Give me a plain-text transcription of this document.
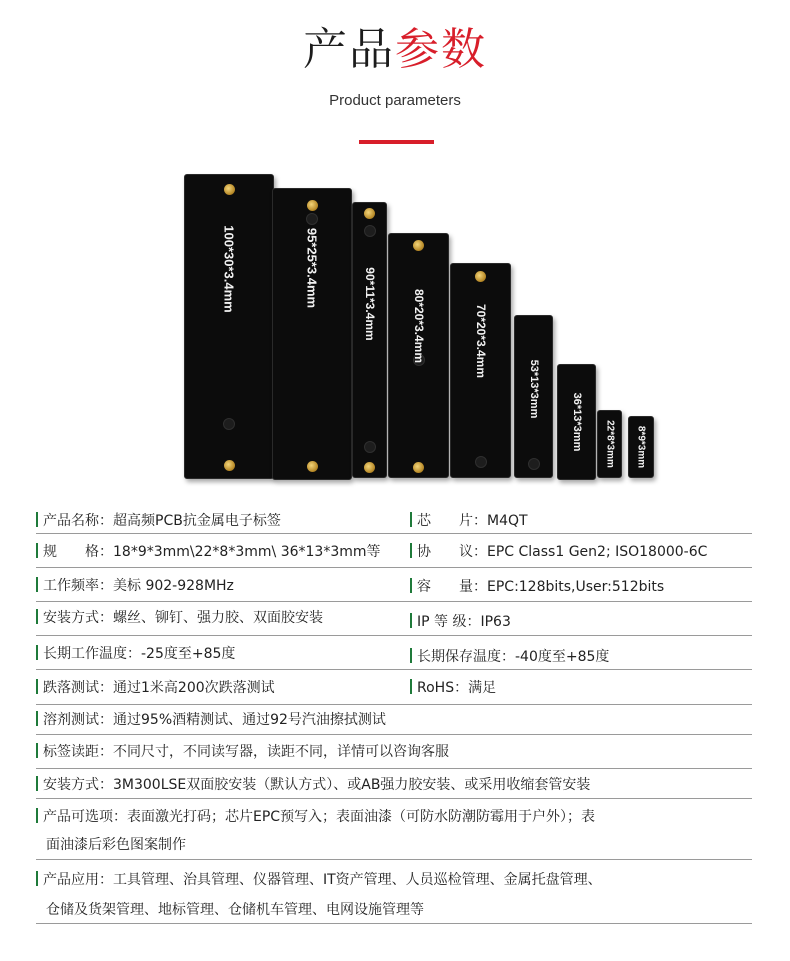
产品参数
Product parameters
100*30*3.4mm	95*25*3.4mm	90*11*3.4mm	80*20*3.4mm	70*20*3.4mm
53*13*3mm
36*13*3mm 22*8*3mm 8*9*3mm
产品名称：超高频PCB抗金属电子标签	芯　　片：M4QT
规　　格：18*9*3mm\22*8*3mm\ 36*13*3mm等	协　　议：EPC Class1 Gen2; ISO18000-6C
工作频率：美标 902-928MHz	容　　量：EPC:128bits,User:512bits
安装方式：螺丝、铆钉、强力胶、双面胶安装	IP 等 级：IP63
长期工作温度：-25度至+85度	长期保存温度：-40度至+85度
跌落测试：通过1米高200次跌落测试	RoHS：满足
溶剂测试：通过95%酒精测试、通过92号汽油擦拭测试
标签读距：不同尺寸，不同读写器，读距不同，详情可以咨询客服
安装方式：3M300LSE双面胶安装（默认方式）、或AB强力胶安装、或采用收缩套管安装
产品可选项：表面激光打码；芯片EPC预写入；表面油漆（可防水防潮防霉用于户外）；表
面油漆后彩色图案制作
产品应用：工具管理、治具管理、仪器管理、IT资产管理、人员巡检管理、金属托盘管理、
仓储及货架管理、地标管理、仓储机车管理、电网设施管理等
